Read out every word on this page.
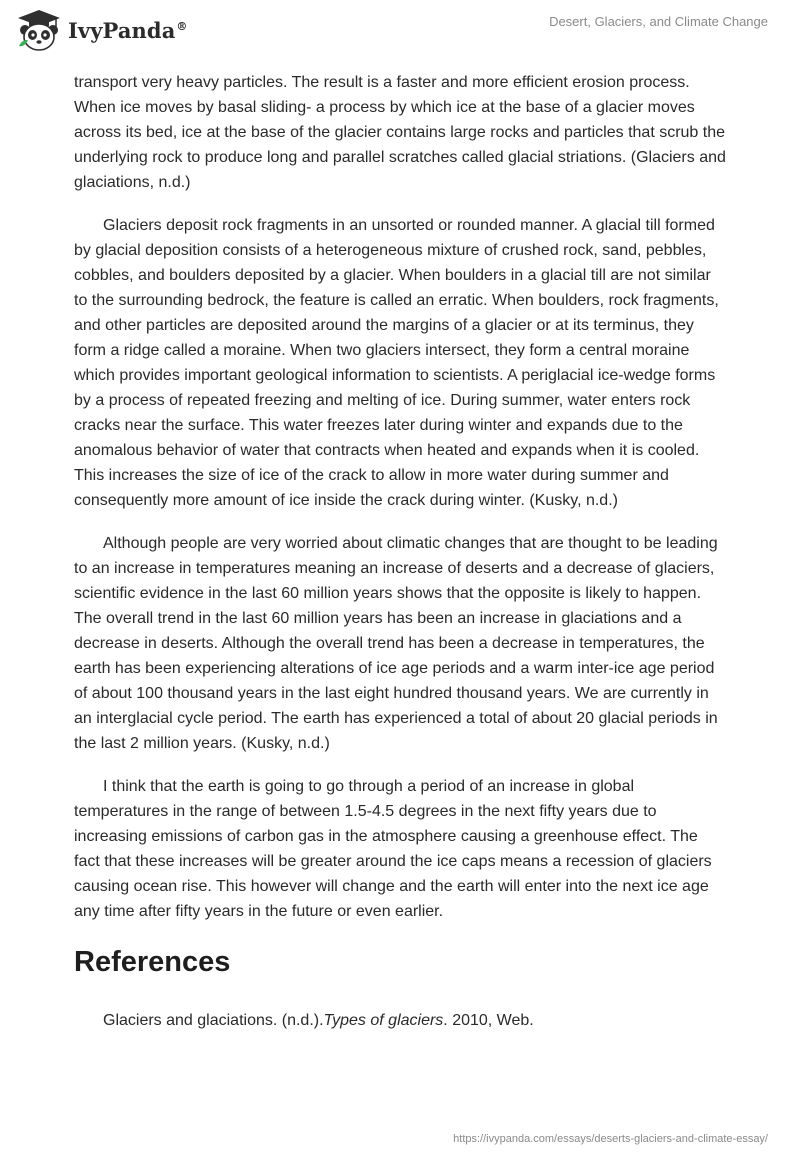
IvyPanda®	Desert, Glaciers, and Climate Change

transport very heavy particles. The result is a faster and more efficient erosion process. When ice moves by basal sliding- a process by which ice at the base of a glacier moves across its bed, ice at the base of the glacier contains large rocks and particles that scrub the underlying rock to produce long and parallel scratches called glacial striations. (Glaciers and glaciations, n.d.)

Glaciers deposit rock fragments in an unsorted or rounded manner. A glacial till formed by glacial deposition consists of a heterogeneous mixture of crushed rock, sand, pebbles, cobbles, and boulders deposited by a glacier. When boulders in a glacial till are not similar to the surrounding bedrock, the feature is called an erratic. When boulders, rock fragments, and other particles are deposited around the margins of a glacier or at its terminus, they form a ridge called a moraine. When two glaciers intersect, they form a central moraine which provides important geological information to scientists. A periglacial ice-wedge forms by a process of repeated freezing and melting of ice. During summer, water enters rock cracks near the surface. This water freezes later during winter and expands due to the anomalous behavior of water that contracts when heated and expands when it is cooled. This increases the size of ice of the crack to allow in more water during summer and consequently more amount of ice inside the crack during winter. (Kusky, n.d.)

Although people are very worried about climatic changes that are thought to be leading to an increase in temperatures meaning an increase of deserts and a decrease of glaciers, scientific evidence in the last 60 million years shows that the opposite is likely to happen. The overall trend in the last 60 million years has been an increase in glaciations and a decrease in deserts. Although the overall trend has been a decrease in temperatures, the earth has been experiencing alterations of ice age periods and a warm inter-ice age period of about 100 thousand years in the last eight hundred thousand years. We are currently in an interglacial cycle period. The earth has experienced a total of about 20 glacial periods in the last 2 million years. (Kusky, n.d.)

I think that the earth is going to go through a period of an increase in global temperatures in the range of between 1.5-4.5 degrees in the next fifty years due to increasing emissions of carbon gas in the atmosphere causing a greenhouse effect. The fact that these increases will be greater around the ice caps means a recession of glaciers causing ocean rise. This however will change and the earth will enter into the next ice age any time after fifty years in the future or even earlier.

References
Glaciers and glaciations. (n.d.).Types of glaciers. 2010, Web.
https://ivypanda.com/essays/deserts-glaciers-and-climate-essay/
